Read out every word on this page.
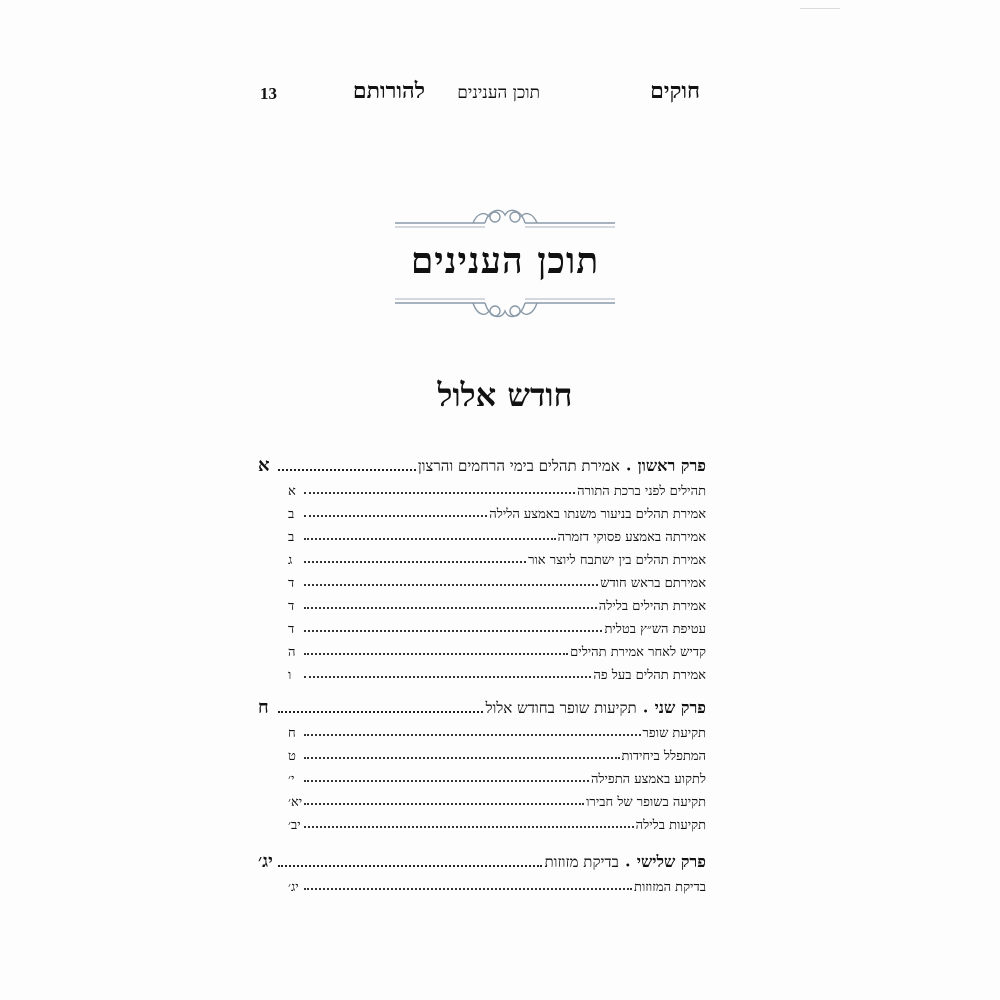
חוקים
תוכן הענינים
להורותם
13
תוכן הענינים
חודש אלול
פרק ראשון
•
אמירת תהלים בימי הרחמים והרצון
א
תהילים לפני ברכת התורה
א
אמירת תהלים בניעור משנתו באמצע הלילה
ב
אמירתה באמצע פסוקי דזמרה
ב
אמירת תהלים בין ישתבח ליוצר אור
ג
אמירתם בראש חודש
ד
אמירת תהילים בלילה
ד
עטיפת הש״ץ בטלית
ד
קדיש לאחר אמירת תהילים
ה
אמירת תהלים בעל פה
ו
פרק שני
•
תקיעות שופר בחודש אלול
ח
תקיעת שופר
ח
המתפלל ביחידות
ט
לתקוע באמצע התפילה
י׳
תקיעה בשופר של חבירו
יא׳
תקיעות בלילה
יב׳
פרק שלישי
•
בדיקת מזוזות
יג׳
בדיקת המזוזות
יג׳
